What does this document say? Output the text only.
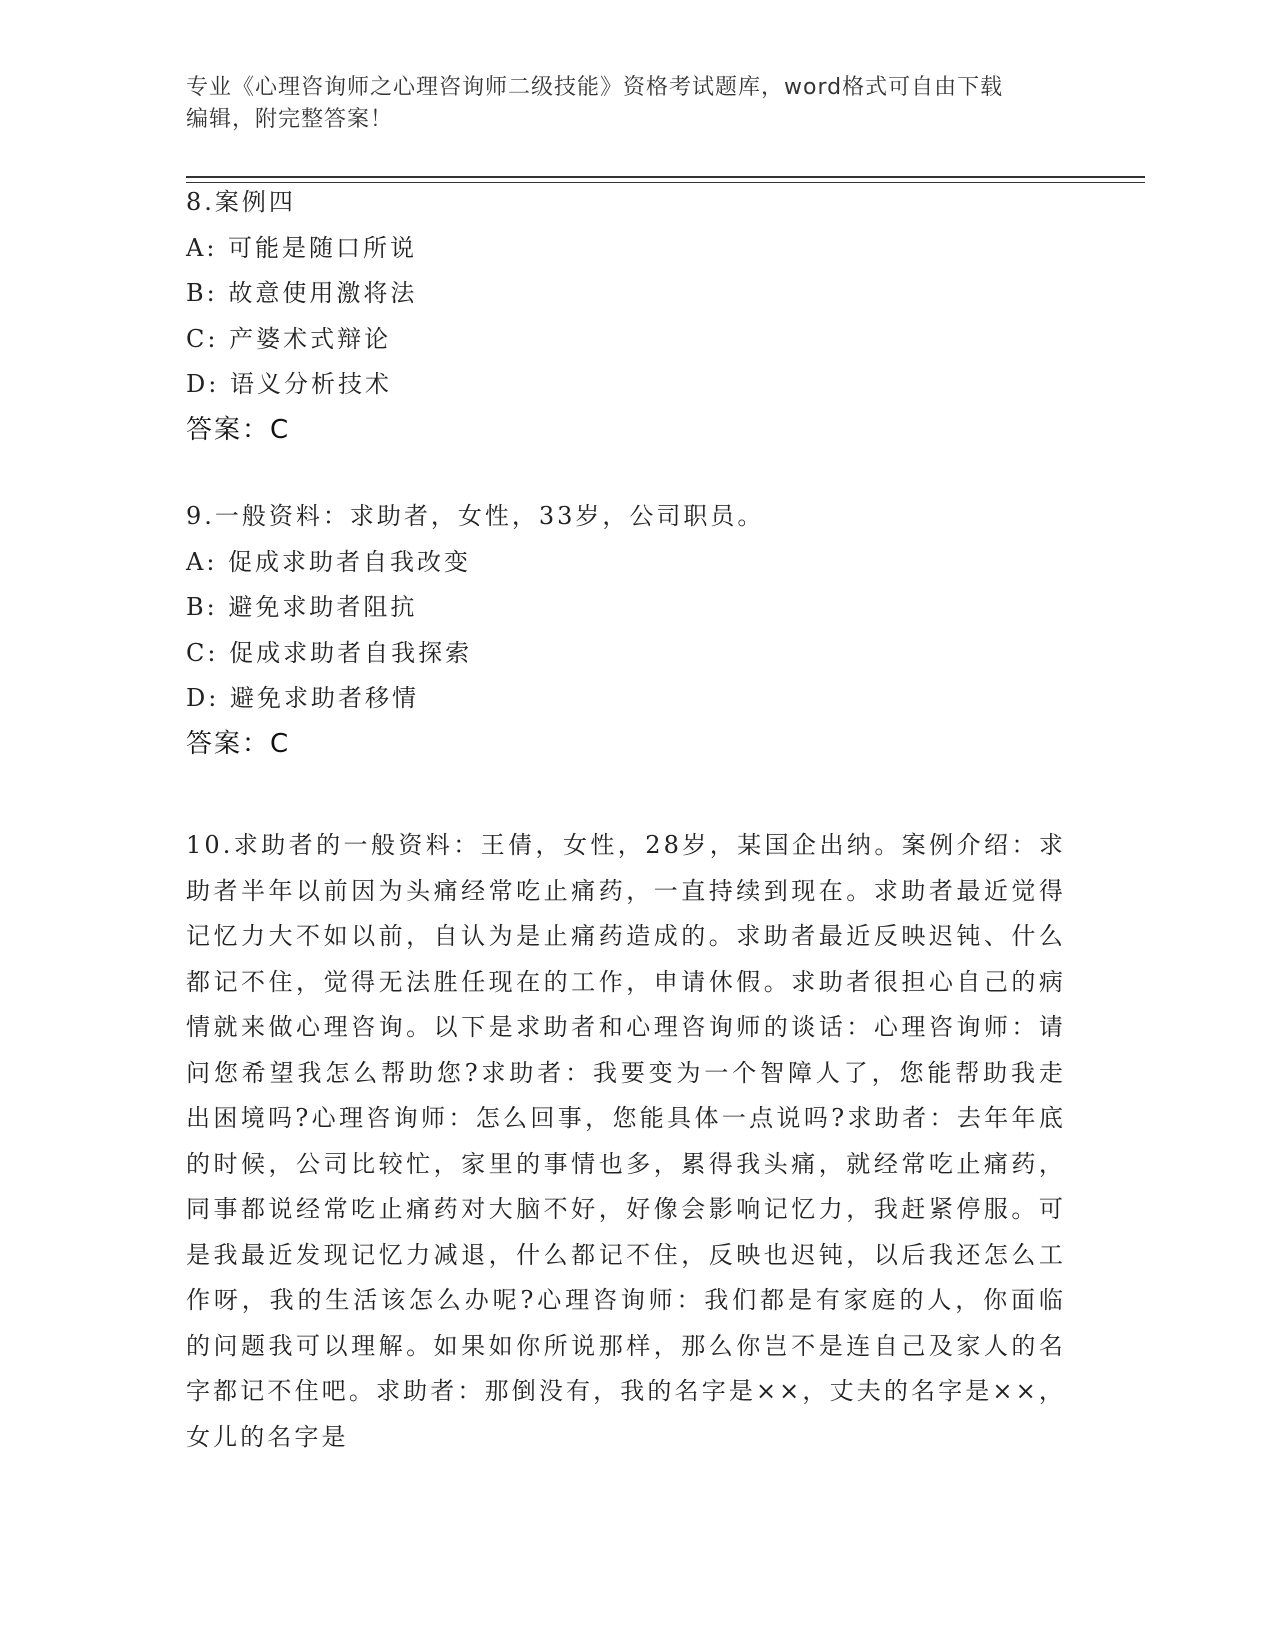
专业《心理咨询师之心理咨询师二级技能》资格考试题库，word格式可自由下载
编辑，附完整答案！
8.案例四
A: 可能是随口所说
B: 故意使用激将法
C: 产婆术式辩论
D: 语义分析技术
答案：C
9.一般资料：求助者，女性，33岁，公司职员。
A: 促成求助者自我改变
B: 避免求助者阻抗
C: 促成求助者自我探索
D: 避免求助者移情
答案：C
10.求助者的一般资料：王倩，女性，28岁，某国企出纳。案例介绍：求助者半年以前因为头痛经常吃止痛药，一直持续到现在。求助者最近觉得记忆力大不如以前，自认为是止痛药造成的。求助者最近反映迟钝、什么都记不住，觉得无法胜任现在的工作，申请休假。求助者很担心自己的病情就来做心理咨询。以下是求助者和心理咨询师的谈话：心理咨询师：请问您希望我怎么帮助您?求助者：我要变为一个智障人了，您能帮助我走出困境吗?心理咨询师：怎么回事，您能具体一点说吗?求助者：去年年底的时候，公司比较忙，家里的事情也多，累得我头痛，就经常吃止痛药，同事都说经常吃止痛药对大脑不好，好像会影响记忆力，我赶紧停服。可是我最近发现记忆力减退，什么都记不住，反映也迟钝，以后我还怎么工作呀，我的生活该怎么办呢?心理咨询师：我们都是有家庭的人，你面临的问题我可以理解。如果如你所说那样，那么你岂不是连自己及家人的名字都记不住吧。求助者：那倒没有，我的名字是××，丈夫的名字是××，女儿的名字是
